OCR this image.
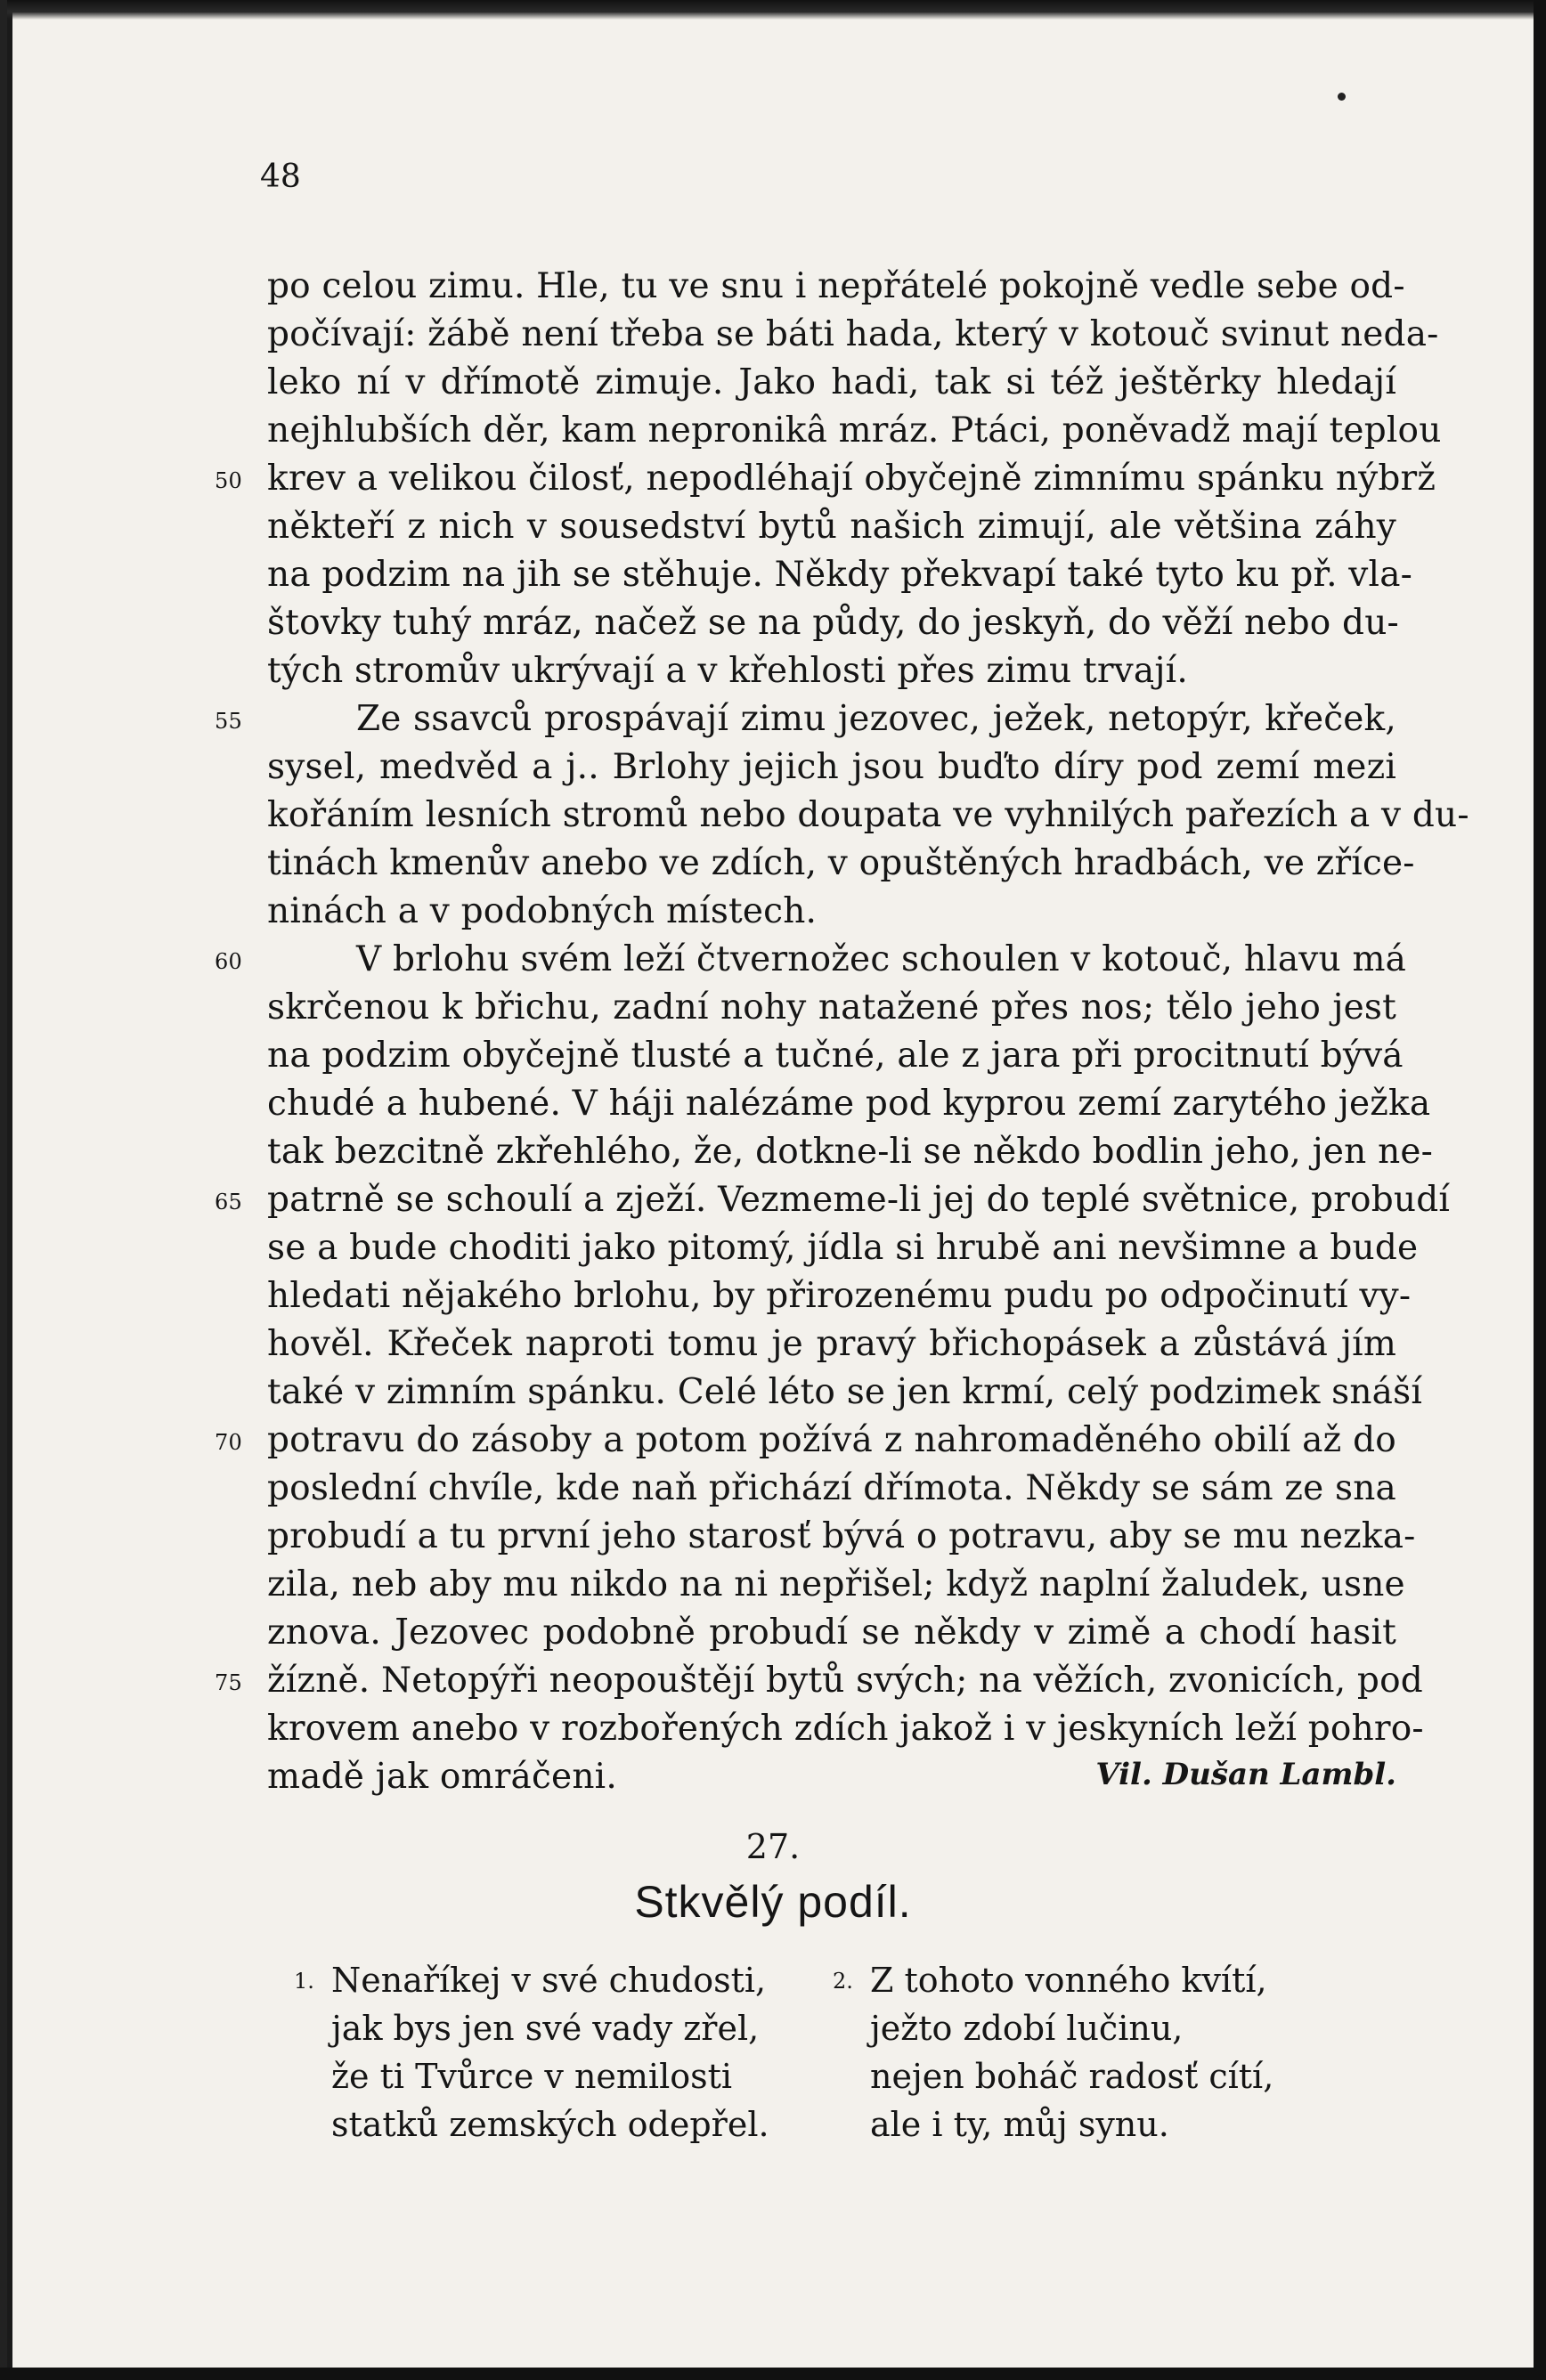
48
po celou zimu. Hle, tu ve snu i nepřátelé pokojně vedle sebe od-
počívají: žábě není třeba se báti hada, který v kotouč svinut neda-
leko ní v dřímotě zimuje. Jako hadi, tak si též ještěrky hledají
nejhlubších děr, kam nepronikâ mráz. Ptáci, poněvadž mají teplou
50 krev a velikou čilosť, nepodléhají obyčejně zimnímu spánku nýbrž
někteří z nich v sousedství bytů našich zimují, ale většina záhy
na podzim na jih se stěhuje. Někdy překvapí také tyto ku př. vla-
štovky tuhý mráz, načež se na půdy, do jeskyň, do věží nebo du-
tých stromův ukrývají a v křehlosti přes zimu trvají.
55	Ze ssavců prospávají zimu jezovec, ježek, netopýr, křeček,
sysel, medvěd a j.. Brlohy jejich jsou buďto díry pod zemí mezi
kořáním lesních stromů nebo doupata ve vyhnilých pařezích a v du-
tinách kmenův anebo ve zdích, v opuštěných hradbách, ve zříce-
ninách a v podobných místech.
60	V brlohu svém leží čtvernožec schoulen v kotouč, hlavu má
skrčenou k břichu, zadní nohy natažené přes nos; tělo jeho jest
na podzim obyčejně tlusté a tučné, ale z jara při procitnutí bývá
chudé a hubené. V háji nalézáme pod kyprou zemí zarytého ježka
tak bezcitně zkřehlého, že, dotkne-li se někdo bodlin jeho, jen ne-
65 patrně se schoulí a zježí. Vezmeme-li jej do teplé světnice, probudí
se a bude choditi jako pitomý, jídla si hrubě ani nevšimne a bude
hledati nějakého brlohu, by přirozenému pudu po odpočinutí vy-
hověl. Křeček naproti tomu je pravý břichopásek a zůstává jím
také v zimním spánku. Celé léto se jen krmí, celý podzimek snáší
70 potravu do zásoby a potom požívá z nahromaděného obilí až do
poslední chvíle, kde naň přichází dřímota. Někdy se sám ze sna
probudí a tu první jeho starosť bývá o potravu, aby se mu nezka-
zila, neb aby mu nikdo na ni nepřišel; když naplní žaludek, usne
znova. Jezovec podobně probudí se někdy v zimě a chodí hasit
75 žízně. Netopýři neopouštějí bytů svých; na věžích, zvonicích, pod
krovem anebo v rozbořených zdích jakož i v jeskyních leží pohro-
madě jak omráčeni.	Vil. Dušan Lambl.
27.
Stkvělý podíl.
1. Nenaříkej v své chudosti,
jak bys jen své vady zřel,
že ti Tvůrce v nemilosti
statků zemských odepřel.
2. Z tohoto vonného kvítí,
ježto zdobí lučinu,
nejen boháč radosť cítí,
ale i ty, můj synu.
